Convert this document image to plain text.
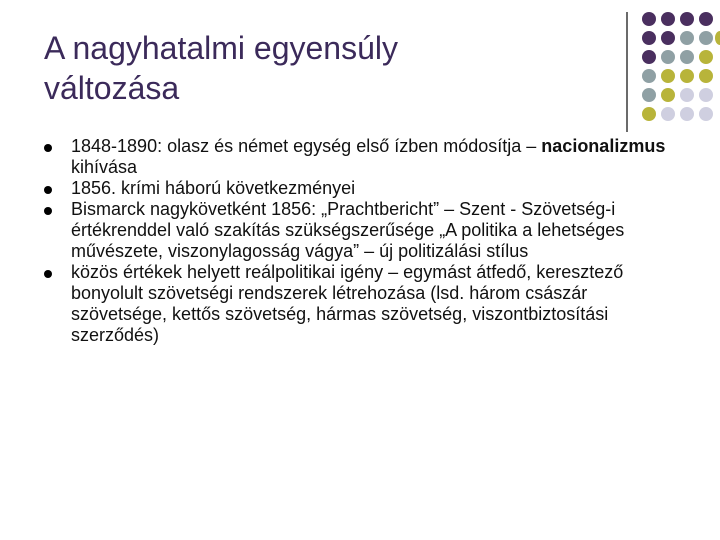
A nagyhatalmi egyensúly
változása
1848-1890: olasz és német egység első ízben módosítja – nacionalizmus kihívása
1856. krími háború következményei
Bismarck nagykövetként 1856: „Prachtbericht” – Szent - Szövetség-i értékrenddel való szakítás szükségszerűsége „A politika a lehetséges művészete, viszonylagosság vágya” – új politizálási stílus
közös értékek helyett reálpolitikai igény – egymást átfedő, keresztező bonyolult szövetségi rendszerek létrehozása (lsd. három császár szövetsége, kettős szövetség, hármas szövetség, viszontbiztosítási szerződés)
